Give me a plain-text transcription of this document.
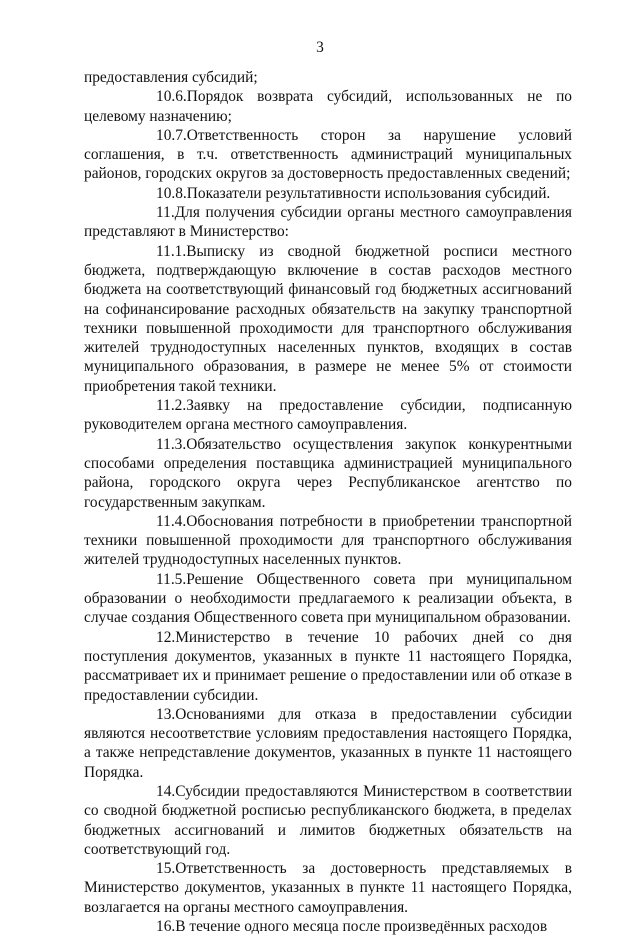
3

предоставления субсидий;

10.6.Порядок возврата субсидий, использованных не по целевому назначению;

10.7.Ответственность сторон за нарушение условий соглашения, в т.ч. ответственность администраций муниципальных районов, городских округов за достоверность предоставленных сведений;

10.8.Показатели результативности использования субсидий.

11.Для получения субсидии органы местного самоуправления представляют в Министерство:

11.1.Выписку из сводной бюджетной росписи местного бюджета, подтверждающую включение в состав расходов местного бюджета на соответствующий финансовый год бюджетных ассигнований на софинансирование расходных обязательств на закупку транспортной техники повышенной проходимости для транспортного обслуживания жителей труднодоступных населенных пунктов, входящих в состав муниципального образования, в размере не менее 5% от стоимости приобретения такой техники.

11.2.Заявку на предоставление субсидии, подписанную руководителем органа местного самоуправления.

11.3.Обязательство осуществления закупок конкурентными способами определения поставщика администрацией муниципального района, городского округа через Республиканское агентство по государственным закупкам.

11.4.Обоснования потребности в приобретении транспортной техники повышенной проходимости для транспортного обслуживания жителей труднодоступных населенных пунктов.

11.5.Решение Общественного совета при муниципальном образовании о необходимости предлагаемого к реализации объекта, в случае создания Общественного совета при муниципальном образовании.

12.Министерство в течение 10 рабочих дней со дня поступления документов, указанных в пункте 11 настоящего Порядка, рассматривает их и принимает решение о предоставлении или об отказе в предоставлении субсидии.

13.Основаниями для отказа в предоставлении субсидии являются несоответствие условиям предоставления настоящего Порядка, а также непредставление документов, указанных в пункте 11 настоящего Порядка.

14.Субсидии предоставляются Министерством в соответствии со сводной бюджетной росписью республиканского бюджета, в пределах бюджетных ассигнований и лимитов бюджетных обязательств на соответствующий год.

15.Ответственность за достоверность представляемых в Министерство документов, указанных в пункте 11 настоящего Порядка, возлагается на органы местного самоуправления.

16.В течение одного месяца после произведённых расходов
